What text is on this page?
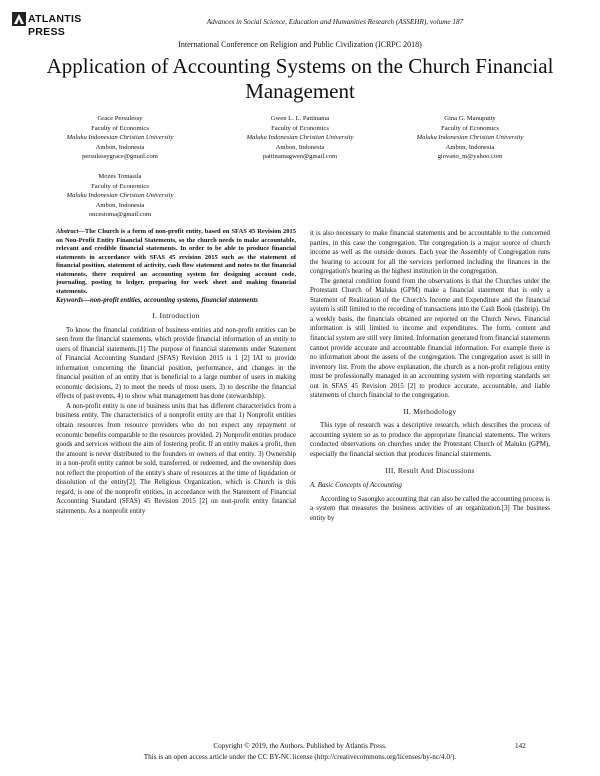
ATLANTIS
PRESS
Advances in Social Science, Education and Humanities Research (ASSEHR), volume 187
International Conference on Religion and Public Civilization (ICRPC 2018)
Application of Accounting Systems on the Church Financial Management
Grace Persulessy
Faculty of Economics
Maluku Indonesian Christian University
Ambon, Indonesia
persulessygrace@gmail.com
Gwen L. L. Pattinama
Faculty of Economics
Maluku Indonesian Christian University
Ambon, Indonesia
pattinamagwen@gmail.com
Gina G. Manuputty
Faculty of Economics
Maluku Indonesian Christian University
Ambon, Indonesia
giovano_m@yahoo.com
Mozes Tomasila
Faculty of Economics
Maluku Indonesian Christian University
Ambon, Indonesia
oncestoma@gmail.com
Abstract—The Church is a form of non-profit entity, based on SFAS 45 Revision 2015 on Non-Profit Entity Financial Statements, so the church needs to make accountable, relevant and credible financial statements. In order to be able to produce financial statements in accordance with SFAS 45 revision 2015 such as the statement of financial position, statement of activity, cash flow statement and notes to the financial statements, there required an accounting system for designing account code, journaling, posting to ledger, preparing for work sheet and making financial statements.
Keywords—non-profit entities, accounting systems, financial statements
I. Introduction

To know the financial condition of business entities and non-profit entities can be seen from the financial statements, which provide financial information of an entity to users of financial statements.[1] The purpose of financial statements under Statement of Financial Accounting Standard (SFAS) Revision 2015 is 1 [2] IAI to provide information concerning the financial position, performance, and changes in the financial position of an entity that is beneficial to a large number of users in making economic decisions, 2) to meet the needs of most users, 3) to describe the financial effects of past events, 4) to show what management has done (stewardship).

A non-profit entity is one of business units that has different characteristics from a business entity. The characteristics of a nonprofit entity are that 1) Nonprofit entities obtain resources from resource providers who do not expect any repayment or economic benefits comparable to the resources provided. 2) Nonprofit entities produce goods and services without the aim of fostering profit. If an entity makes a profit, then the amount is never distributed to the founders or owners of that entity. 3) Ownership in a non-profit entity cannot be sold, transferred, or redeemed, and the ownership does not reflect the proportion of the entity's share of resources at the time of liquidation or dissolution of the entity[2]. The Religious Organization, which is Church is this regard, is one of the nonprofit entities, in accordance with the Statement of Financial Accounting Standard (SFAS) 45 Revision 2015 [2] on non-profit entity financial statements. As a nonprofit entity

it is also necessary to make financial statements and be accountable to the concerned parties, in this case the congregation. The congregation is a major source of church income as well as the outside donors. Each year the Assembly of Congregation runs the hearing to account for all the services performed including the finances in the congregation's hearing as the highest institution in the congregation.

The general condition found from the observations is that the Churches under the Protestant Church of Maluku (GPM) make a financial statement that is only a Statement of Realization of the Church's Income and Expenditure and the financial system is still limited to the recording of transactions into the Cash Book (dasbrip). On a weekly basis, the financials obtained are reported on the Church News. Financial information is still limited to income and expenditures. The form, content and financial system are still very limited. Information generated from financial statements cannot provide accurate and accountable financial information. For example there is no information about the assets of the congregation. The congregation asset is still in inventory list. From the above explanation, the church as a non-profit religious entity must be professionally managed in an accounting system with reporting standards set out in SFAS 45 Revision 2015 [2] to produce accurate, accountable, and liable statements of church financial to the congregation.

II. Methodology

This type of research was a descriptive research, which describes the process of accounting system so as to produce the appropriate financial statements. The writers conducted observations on churches under the Protestant Church of Maluku (GPM), especially the financial section that produces financial statements.

III. Result And Discussions
A. Basic Concepts of Accounting

According to Sasongko accounting that can also be called the accounting process is a system that measures the business activities of an organization.[3] The business entity by

Copyright © 2019, the Authors. Published by Atlantis Press.	142
This is an open access article under the CC BY-NC license (http://creativecommons.org/licenses/by-nc/4.0/).
